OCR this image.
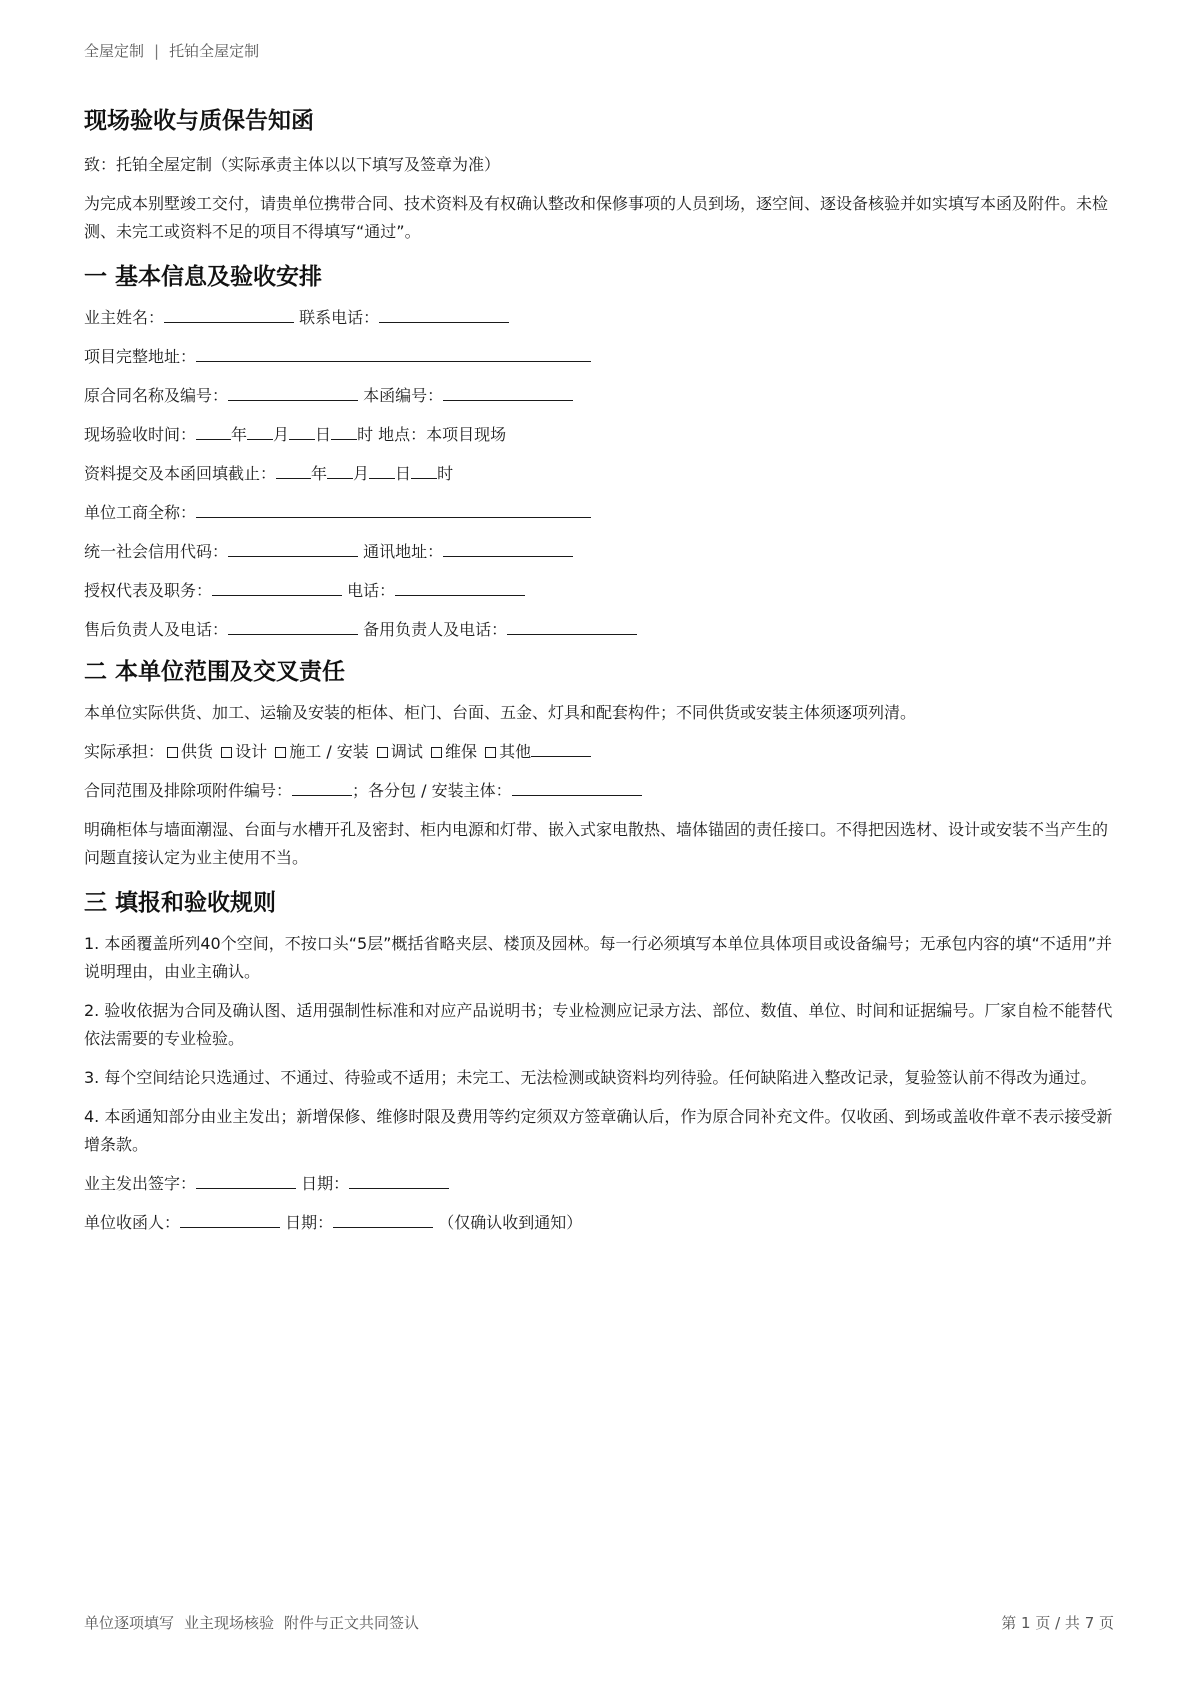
全屋定制 | 托铂全屋定制
现场验收与质保告知函

致：托铂全屋定制（实际承责主体以以下填写及签章为准）

为完成本别墅竣工交付，请贵单位携带合同、技术资料及有权确认整改和保修事项的人员到场，逐空间、逐设备核验并如实填写本函及附件。未检测、未完工或资料不足的项目不得填写“通过”。

一 基本信息及验收安排
业主姓名：	联系电话：
项目完整地址：
原合同名称及编号：	本函编号：
现场验收时间： 年 月 日 时 地点：本项目现场
资料提交及本函回填截止： 年 月 日 时
单位工商全称：
统一社会信用代码：	通讯地址：
授权代表及职务：	电话：
售后负责人及电话：	备用负责人及电话：
二 本单位范围及交叉责任

本单位实际供货、加工、运输及安装的柜体、柜门、台面、五金、灯具和配套构件；不同供货或安装主体须逐项列清。

实际承担： 供货 设计 施工 / 安装 调试 维保 其他
合同范围及排除项附件编号：	；各分包 / 安装主体：

明确柜体与墙面潮湿、台面与水槽开孔及密封、柜内电源和灯带、嵌入式家电散热、墙体锚固的责任接口。不得把因选材、设计或安装不当产生的问题直接认定为业主使用不当。

三 填报和验收规则

1. 本函覆盖所列40个空间，不按口头“5层”概括省略夹层、楼顶及园林。每一行必须填写本单位具体项目或设备编号；无承包内容的填“不适用”并说明理由，由业主确认。

2. 验收依据为合同及确认图、适用强制性标准和对应产品说明书；专业检测应记录方法、部位、数值、单位、时间和证据编号。厂家自检不能替代依法需要的专业检验。

3. 每个空间结论只选通过、不通过、待验或不适用；未完工、无法检测或缺资料均列待验。任何缺陷进入整改记录，复验签认前不得改为通过。

4. 本函通知部分由业主发出；新增保修、维修时限及费用等约定须双方签章确认后，作为原合同补充文件。仅收函、到场或盖收件章不表示接受新增条款。

业主发出签字：	日期：
单位收函人：	日期：	（仅确认收到通知）
单位逐项填写 业主现场核验 附件与正文共同签认	第 1 页 / 共 7 页
